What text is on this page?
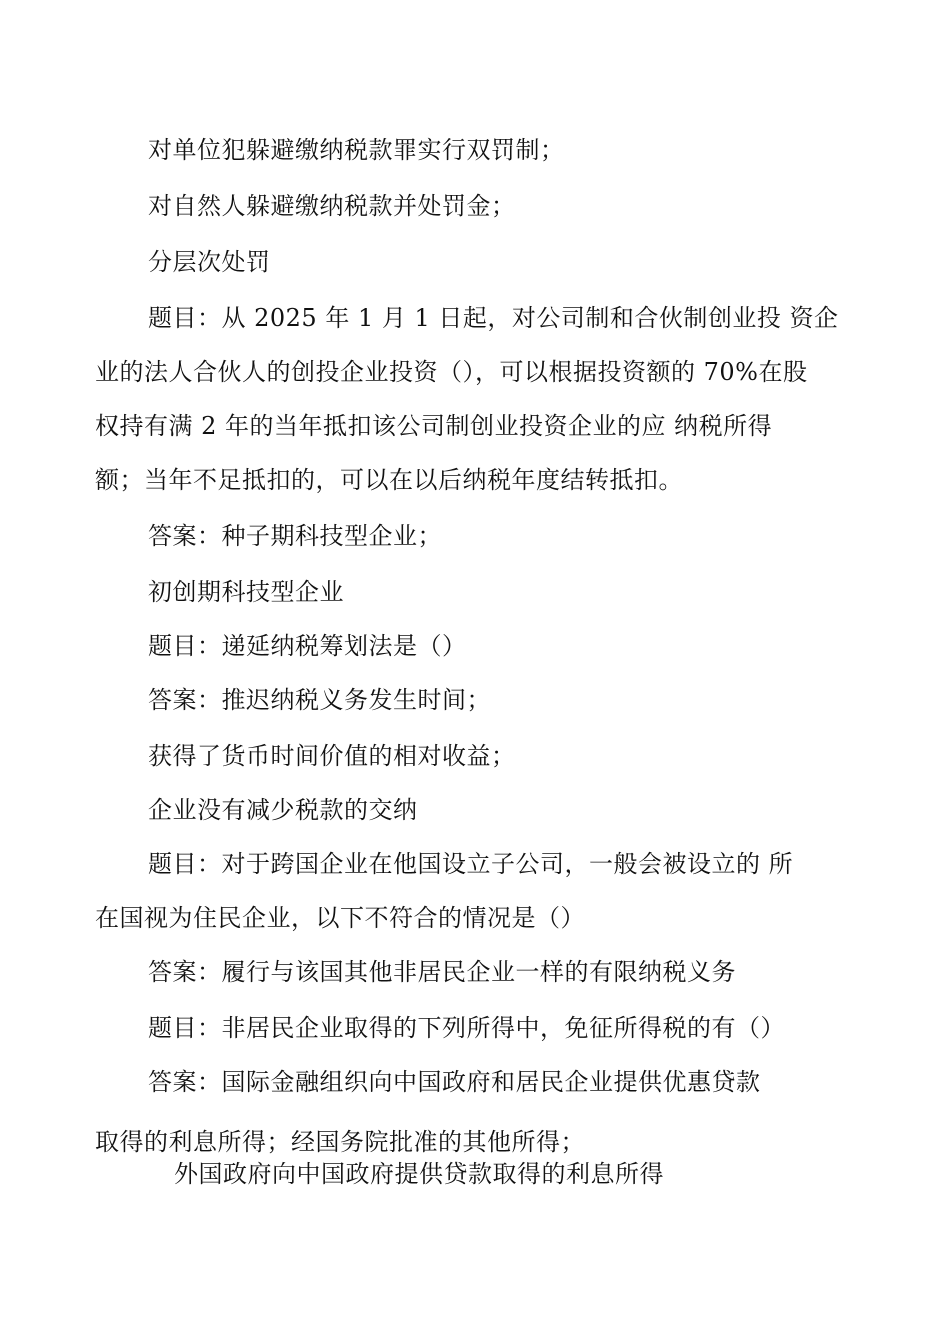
对单位犯躲避缴纳税款罪实行双罚制；

对自然人躲避缴纳税款并处罚金；

分层次处罚

题目：从 2025 年 1 月 1 日起，对公司制和合伙制创业投 资企

业的法人合伙人的创投企业投资（），可以根据投资额的 70%在股

权持有满 2 年的当年抵扣该公司制创业投资企业的应 纳税所得

额；当年不足抵扣的，可以在以后纳税年度结转抵扣。

答案：种子期科技型企业；

初创期科技型企业

题目：递延纳税筹划法是（）

答案：推迟纳税义务发生时间；

获得了货币时间价值的相对收益；

企业没有减少税款的交纳

题目：对于跨国企业在他国设立子公司，一般会被设立的 所

在国视为住民企业，以下不符合的情况是（）

答案：履行与该国其他非居民企业一样的有限纳税义务

题目：非居民企业取得的下列所得中，免征所得税的有（）

答案：国际金融组织向中国政府和居民企业提供优惠贷款

取得的利息所得；经国务院批准的其他所得；

外国政府向中国政府提供贷款取得的利息所得
